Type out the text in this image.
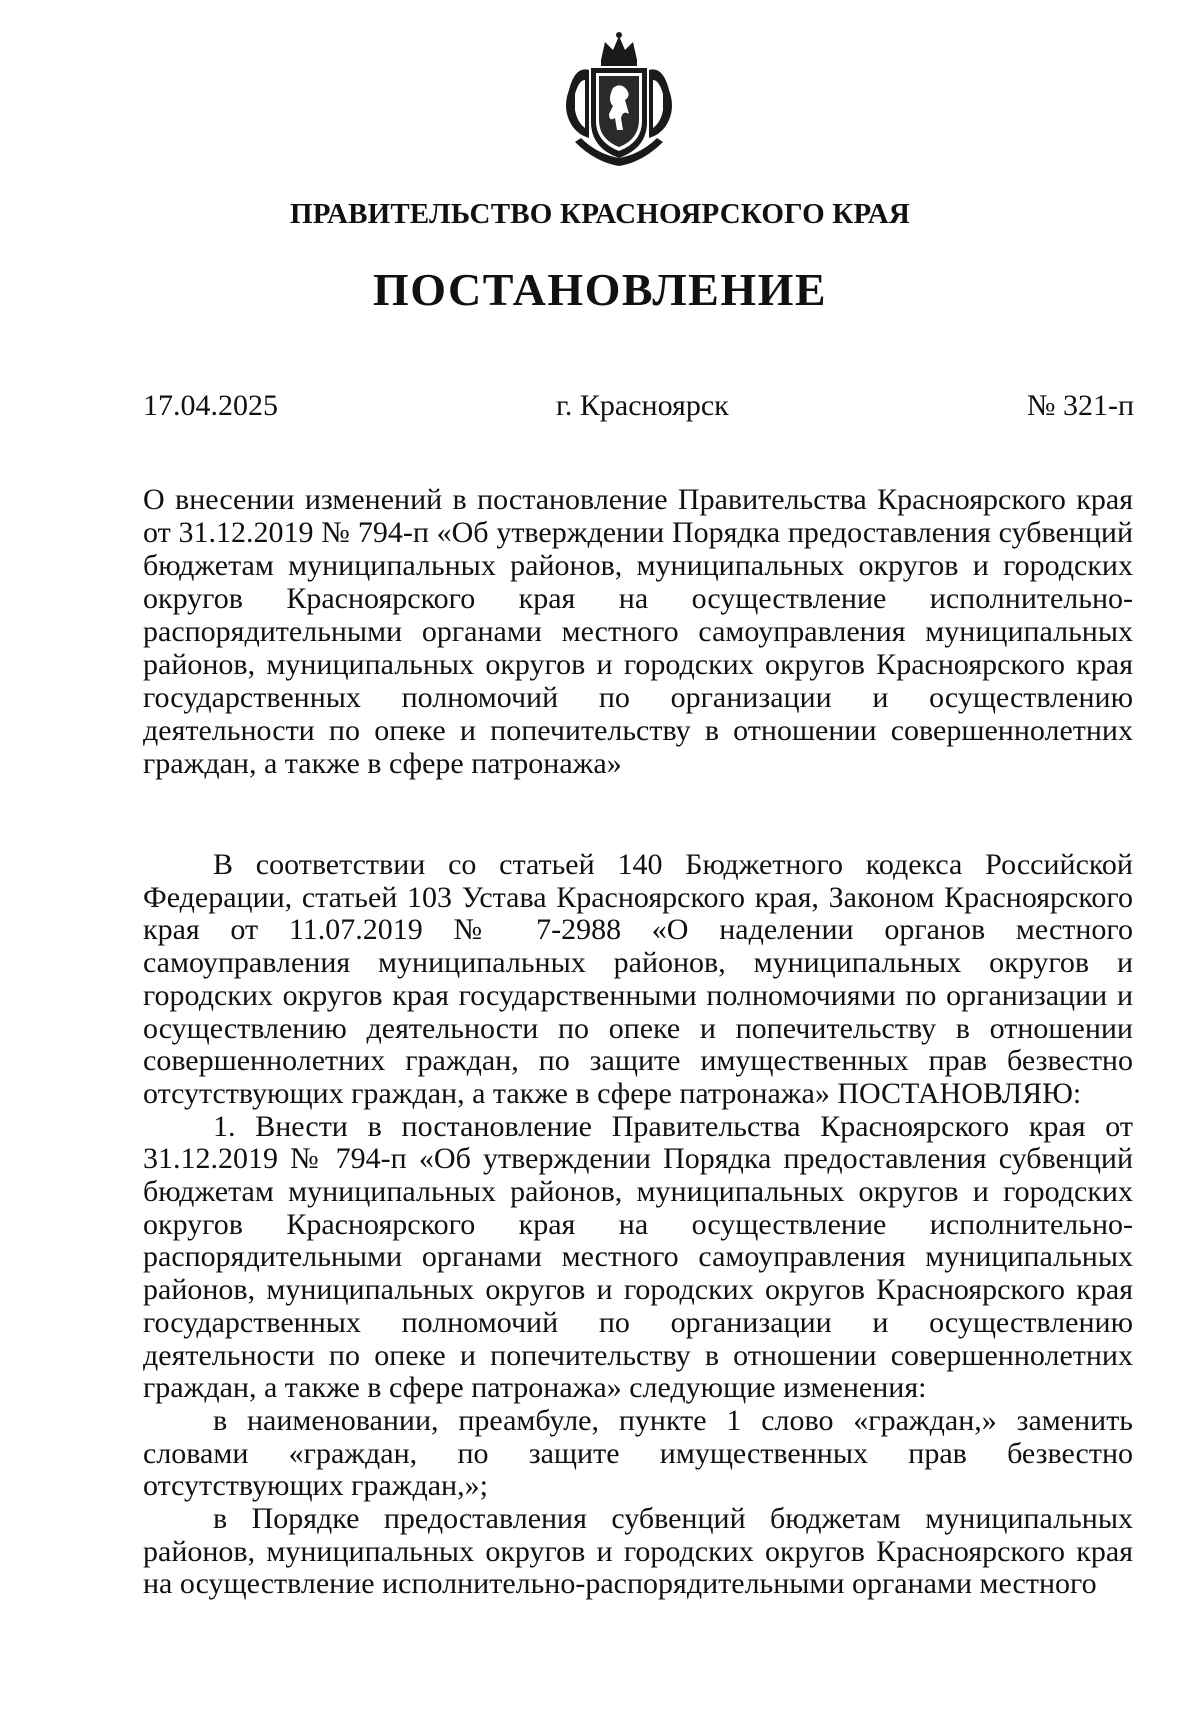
ПРАВИТЕЛЬСТВО КРАСНОЯРСКОГО КРАЯ
ПОСТАНОВЛЕНИЕ
17.04.2025	г. Красноярск	№ 321-п
О внесении изменений в постановление Правительства Красноярского края от 31.12.2019 № 794-п «Об утверждении Порядка предоставления субвенций бюджетам муниципальных районов, муниципальных округов и городских округов Красноярского края на осуществление исполнительно-распорядительными органами местного самоуправления муниципальных районов, муниципальных округов и городских округов Красноярского края государственных полномочий по организации и осуществлению деятельности по опеке и попечительству в отношении совершеннолетних граждан, а также в сфере патронажа»

В соответствии со статьей 140 Бюджетного кодекса Российской Федерации, статьей 103 Устава Красноярского края, Законом Красноярского края от 11.07.2019 № 7-2988 «О наделении органов местного самоуправления муниципальных районов, муниципальных округов и городских округов края государственными полномочиями по организации и осуществлению деятельности по опеке и попечительству в отношении совершеннолетних граждан, по защите имущественных прав безвестно отсутствующих граждан, а также в сфере патронажа» ПОСТАНОВЛЯЮ:

1. Внести в постановление Правительства Красноярского края от 31.12.2019 № 794-п «Об утверждении Порядка предоставления субвенций бюджетам муниципальных районов, муниципальных округов и городских округов Красноярского края на осуществление исполнительно-распорядительными органами местного самоуправления муниципальных районов, муниципальных округов и городских округов Красноярского края государственных полномочий по организации и осуществлению деятельности по опеке и попечительству в отношении совершеннолетних граждан, а также в сфере патронажа» следующие изменения:

в наименовании, преамбуле, пункте 1 слово «граждан,» заменить словами «граждан, по защите имущественных прав безвестно отсутствующих граждан,»;

в Порядке предоставления субвенций бюджетам муниципальных районов, муниципальных округов и городских округов Красноярского края на осуществление исполнительно-распорядительными органами местного
